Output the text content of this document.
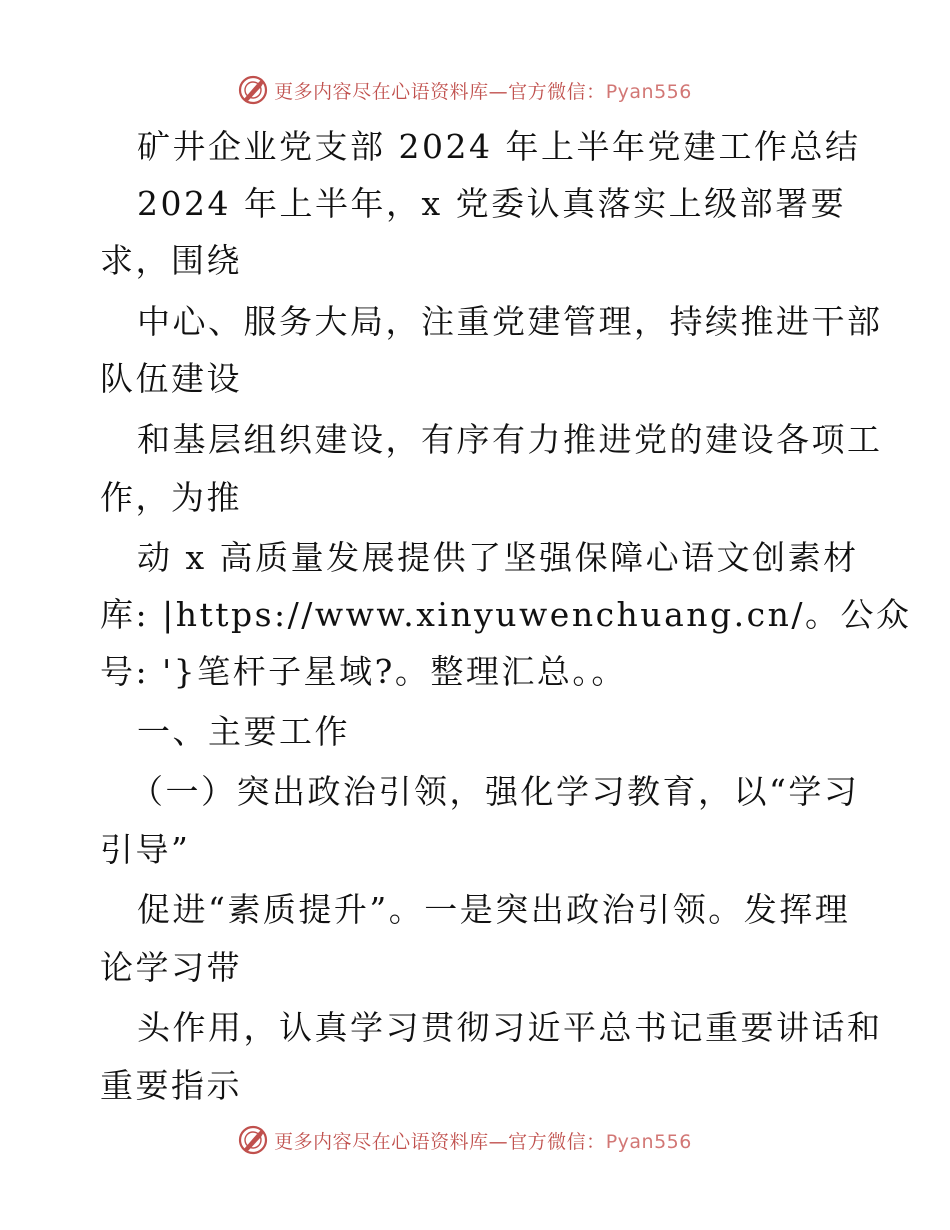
更多内容尽在心语资料库—官方微信：Pyan556
矿井企业党支部 2024 年上半年党建工作总结
2024 年上半年，x 党委认真落实上级部署要
求，围绕
中心、服务大局，注重党建管理，持续推进干部
队伍建设
和基层组织建设，有序有力推进党的建设各项工
作，为推
动 x 高质量发展提供了坚强保障心语文创素材
库: |https://www.xinyuwenchuang.cn/。公众
号: '}笔杆子星域?。整理汇总。。
一、主要工作
（一）突出政治引领，强化学习教育，以“学习
引导”
促进“素质提升”。一是突出政治引领。发挥理
论学习带
头作用，认真学习贯彻习近平总书记重要讲话和
重要指示
更多内容尽在心语资料库—官方微信：Pyan556
